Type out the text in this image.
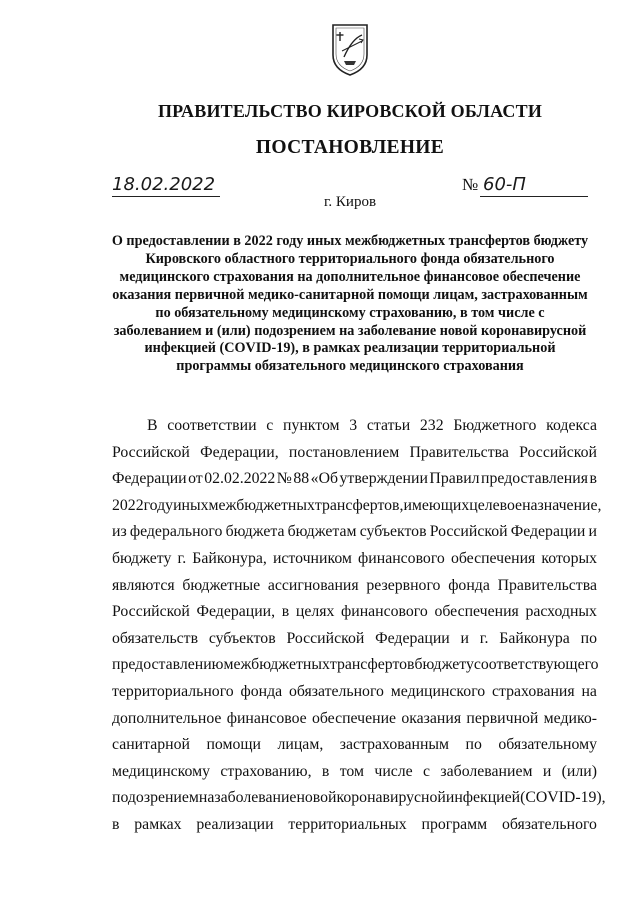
ПРАВИТЕЛЬСТВО КИРОВСКОЙ ОБЛАСТИ
ПОСТАНОВЛЕНИЕ
18.02.2022	№ 60-П
г. Киров
О предоставлении в 2022 году иных межбюджетных трансфертов бюджету Кировского областного территориального фонда обязательного медицинского страхования на дополнительное финансовое обеспечение оказания первичной медико-санитарной помощи лицам, застрахованным по обязательному медицинскому страхованию, в том числе с заболеванием и (или) подозрением на заболевание новой коронавирусной инфекцией (COVID-19), в рамках реализации территориальной программы обязательного медицинского страхования
В соответствии с пунктом 3 статьи 232 Бюджетного кодекса
Российской Федерации, постановлением Правительства Российской
Федерации от 02.02.2022 № 88 «Об утверждении Правил предоставления в
2022 году иных межбюджетных трансфертов, имеющих целевое назначение,
из федерального бюджета бюджетам субъектов Российской Федерации и
бюджету г. Байконура, источником финансового обеспечения которых
являются бюджетные ассигнования резервного фонда Правительства
Российской Федерации, в целях финансового обеспечения расходных
обязательств субъектов Российской Федерации и г. Байконура по
предоставлению межбюджетных трансфертов бюджету соответствующего
территориального фонда обязательного медицинского страхования на
дополнительное финансовое обеспечение оказания первичной медико-
санитарной помощи лицам, застрахованным по обязательному
медицинскому страхованию, в том числе с заболеванием и (или)
подозрением на заболевание новой коронавирусной инфекцией (COVID-19),
в рамках реализации территориальных программ обязательного
